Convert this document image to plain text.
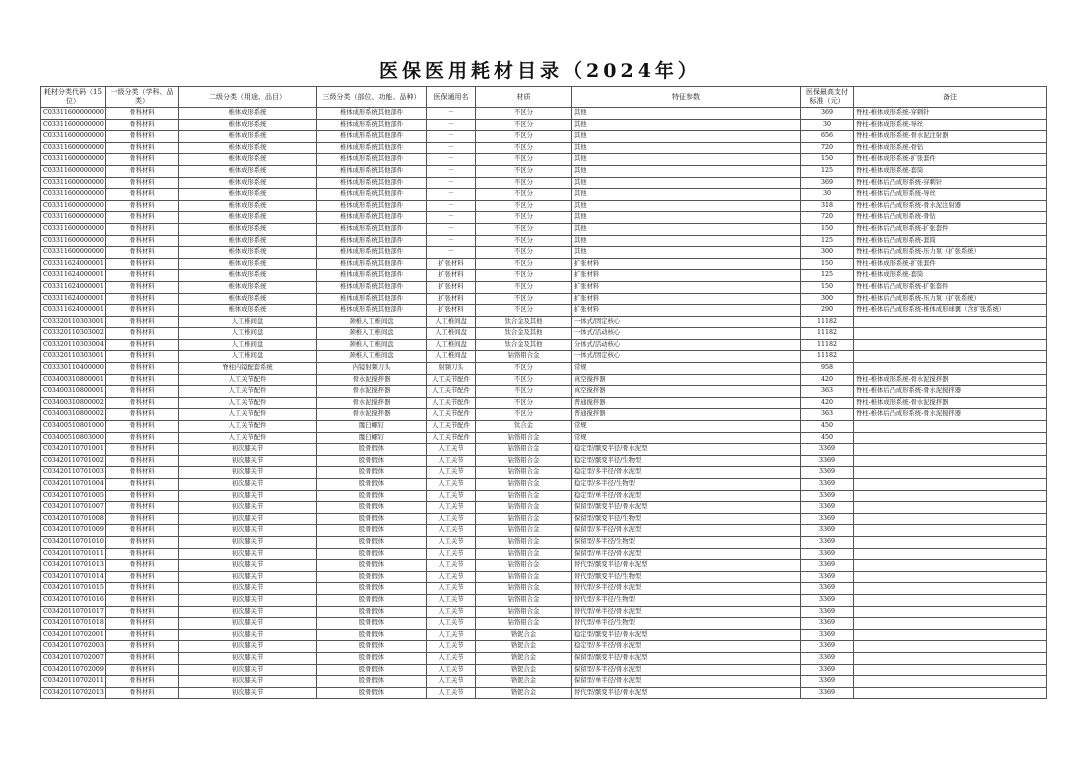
医保医用耗材目录（2024年）
耗材分类代码（15位）	一级分类（学科、品类）	二级分类（用途、品目）	三级分类（部位、功能、品种）	医保通用名	材质	特征参数	医保最高支付标准（元）	备注
C03311600000000	骨科材料	椎体成形系统	椎体成形系统其他部件	－	不区分	其他	369	脊柱-椎体成形系统-穿刺针
C03311600000000	骨科材料	椎体成形系统	椎体成形系统其他部件	－	不区分	其他	30	脊柱-椎体成形系统-导丝
C03311600000000	骨科材料	椎体成形系统	椎体成形系统其他部件	－	不区分	其他	656	脊柱-椎体成形系统-骨水泥注射器
C03311600000000	骨科材料	椎体成形系统	椎体成形系统其他部件	－	不区分	其他	720	脊柱-椎体成形系统-骨钻
C03311600000000	骨科材料	椎体成形系统	椎体成形系统其他部件	－	不区分	其他	150	脊柱-椎体成形系统-扩张套件
C03311600000000	骨科材料	椎体成形系统	椎体成形系统其他部件	－	不区分	其他	125	脊柱-椎体成形系统-套筒
C03311600000000	骨科材料	椎体成形系统	椎体成形系统其他部件	－	不区分	其他	369	脊柱-椎体后凸成形系统-穿刺针
C03311600000000	骨科材料	椎体成形系统	椎体成形系统其他部件	－	不区分	其他	30	脊柱-椎体后凸成形系统-导丝
C03311600000000	骨科材料	椎体成形系统	椎体成形系统其他部件	－	不区分	其他	318	脊柱-椎体后凸成形系统-骨水泥注射器
C03311600000000	骨科材料	椎体成形系统	椎体成形系统其他部件	－	不区分	其他	720	脊柱-椎体后凸成形系统-骨钻
C03311600000000	骨科材料	椎体成形系统	椎体成形系统其他部件	－	不区分	其他	150	脊柱-椎体后凸成形系统-扩张套件
C03311600000000	骨科材料	椎体成形系统	椎体成形系统其他部件	－	不区分	其他	125	脊柱-椎体后凸成形系统-套筒
C03311600000000	骨科材料	椎体成形系统	椎体成形系统其他部件	－	不区分	其他	300	脊柱-椎体后凸成形系统-压力泵（扩张系统）
C03311624000001	骨科材料	椎体成形系统	椎体成形系统其他部件	扩张材料	不区分	扩张材料	150	脊柱-椎体成形系统-扩张套件
C03311624000001	骨科材料	椎体成形系统	椎体成形系统其他部件	扩张材料	不区分	扩张材料	125	脊柱-椎体成形系统-套筒
C03311624000001	骨科材料	椎体成形系统	椎体成形系统其他部件	扩张材料	不区分	扩张材料	150	脊柱-椎体后凸成形系统-扩张套件
C03311624000001	骨科材料	椎体成形系统	椎体成形系统其他部件	扩张材料	不区分	扩张材料	300	脊柱-椎体后凸成形系统-压力泵（扩张系统）
C03311624000001	骨科材料	椎体成形系统	椎体成形系统其他部件	扩张材料	不区分	扩张材料	290	脊柱-椎体后凸成形系统-椎体成形球囊（含扩张系统）
C03320110303001	骨科材料	人工椎间盘	颈椎人工椎间盘	人工椎间盘	钛合金及其他	一体式/固定核心	11182	
C03320110303002	骨科材料	人工椎间盘	颈椎人工椎间盘	人工椎间盘	钛合金及其他	一体式/活动核心	11182	
C03320110303004	骨科材料	人工椎间盘	颈椎人工椎间盘	人工椎间盘	钛合金及其他	分体式/活动核心	11182	
C03320110303001	骨科材料	人工椎间盘	颈椎人工椎间盘	人工椎间盘	钴铬钼合金	一体式/固定核心	11182	
C03330110400000	骨科材料	脊柱内镜配套系统	内镜射频刀头	射频刀头	不区分	常规	958	
C03400310800001	骨科材料	人工关节配件	骨水泥搅拌器	人工关节配件	不区分	真空搅拌器	420	脊柱-椎体成形系统-骨水泥搅拌器
C03400310800001	骨科材料	人工关节配件	骨水泥搅拌器	人工关节配件	不区分	真空搅拌器	363	脊柱-椎体后凸成形系统-骨水泥搅拌器
C03400310800002	骨科材料	人工关节配件	骨水泥搅拌器	人工关节配件	不区分	普通搅拌器	420	脊柱-椎体成形系统-骨水泥搅拌器
C03400310800002	骨科材料	人工关节配件	骨水泥搅拌器	人工关节配件	不区分	普通搅拌器	363	脊柱-椎体后凸成形系统-骨水泥搅拌器
C03400510801000	骨科材料	人工关节配件	髋臼螺钉	人工关节配件	钛合金	常规	450	
C03400510803000	骨科材料	人工关节配件	髋臼螺钉	人工关节配件	钴铬钼合金	常规	450	
C03420110701001	骨科材料	初次膝关节	股骨假体	人工关节	钴铬钼合金	稳定型/髌变半径/骨水泥型	3369	
C03420110701002	骨科材料	初次膝关节	股骨假体	人工关节	钴铬钼合金	稳定型/髌变半径/生物型	3369	
C03420110701003	骨科材料	初次膝关节	股骨假体	人工关节	钴铬钼合金	稳定型/多半径/骨水泥型	3369	
C03420110701004	骨科材料	初次膝关节	股骨假体	人工关节	钴铬钼合金	稳定型/多半径/生物型	3369	
C03420110701005	骨科材料	初次膝关节	股骨假体	人工关节	钴铬钼合金	稳定型/单半径/骨水泥型	3369	
C03420110701007	骨科材料	初次膝关节	股骨假体	人工关节	钴铬钼合金	保留型/髌变半径/骨水泥型	3369	
C03420110701008	骨科材料	初次膝关节	股骨假体	人工关节	钴铬钼合金	保留型/髌变半径/生物型	3369	
C03420110701009	骨科材料	初次膝关节	股骨假体	人工关节	钴铬钼合金	保留型/多半径/骨水泥型	3369	
C03420110701010	骨科材料	初次膝关节	股骨假体	人工关节	钴铬钼合金	保留型/多半径/生物型	3369	
C03420110701011	骨科材料	初次膝关节	股骨假体	人工关节	钴铬钼合金	保留型/单半径/骨水泥型	3369	
C03420110701013	骨科材料	初次膝关节	股骨假体	人工关节	钴铬钼合金	替代型/髌变半径/骨水泥型	3369	
C03420110701014	骨科材料	初次膝关节	股骨假体	人工关节	钴铬钼合金	替代型/髌变半径/生物型	3369	
C03420110701015	骨科材料	初次膝关节	股骨假体	人工关节	钴铬钼合金	替代型/多半径/骨水泥型	3369	
C03420110701016	骨科材料	初次膝关节	股骨假体	人工关节	钴铬钼合金	替代型/多半径/生物型	3369	
C03420110701017	骨科材料	初次膝关节	股骨假体	人工关节	钴铬钼合金	替代型/单半径/骨水泥型	3369	
C03420110701018	骨科材料	初次膝关节	股骨假体	人工关节	钴铬钼合金	替代型/单半径/生物型	3369	
C03420110702001	骨科材料	初次膝关节	股骨假体	人工关节	锆铌合金	稳定型/髌变半径/骨水泥型	3369	
C03420110702003	骨科材料	初次膝关节	股骨假体	人工关节	锆铌合金	稳定型/多半径/骨水泥型	3369	
C03420110702007	骨科材料	初次膝关节	股骨假体	人工关节	锆铌合金	保留型/髌变半径/骨水泥型	3369	
C03420110702009	骨科材料	初次膝关节	股骨假体	人工关节	锆铌合金	保留型/多半径/骨水泥型	3369	
C03420110702011	骨科材料	初次膝关节	股骨假体	人工关节	锆铌合金	保留型/单半径/骨水泥型	3369	
C03420110702013	骨科材料	初次膝关节	股骨假体	人工关节	锆铌合金	替代型/髌变半径/骨水泥型	3369	
